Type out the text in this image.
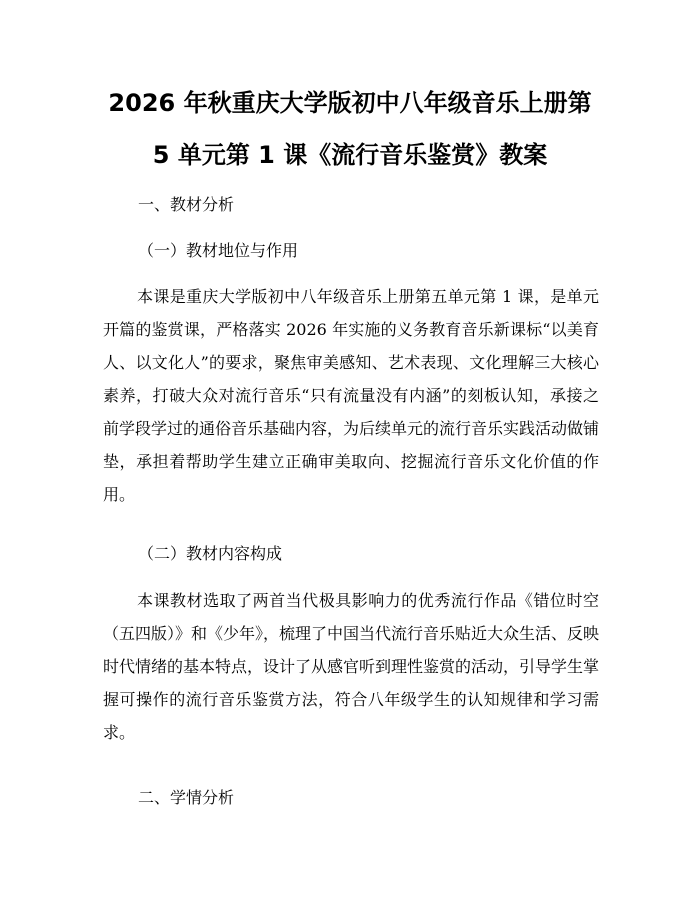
2026 年秋重庆大学版初中八年级音乐上册第
5 单元第 1 课《流行音乐鉴赏》教案
一、教材分析
（一）教材地位与作用

本课是重庆大学版初中八年级音乐上册第五单元第 1 课，是单元开篇的鉴赏课，严格落实 2026 年实施的义务教育音乐新课标“以美育人、以文化人”的要求，聚焦审美感知、艺术表现、文化理解三大核心素养，打破大众对流行音乐“只有流量没有内涵”的刻板认知，承接之前学段学过的通俗音乐基础内容，为后续单元的流行音乐实践活动做铺垫，承担着帮助学生建立正确审美取向、挖掘流行音乐文化价值的作用。

（二）教材内容构成

本课教材选取了两首当代极具影响力的优秀流行作品《错位时空（五四版）》和《少年》，梳理了中国当代流行音乐贴近大众生活、反映时代情绪的基本特点，设计了从感官听到理性鉴赏的活动，引导学生掌握可操作的流行音乐鉴赏方法，符合八年级学生的认知规律和学习需求。

二、学情分析
